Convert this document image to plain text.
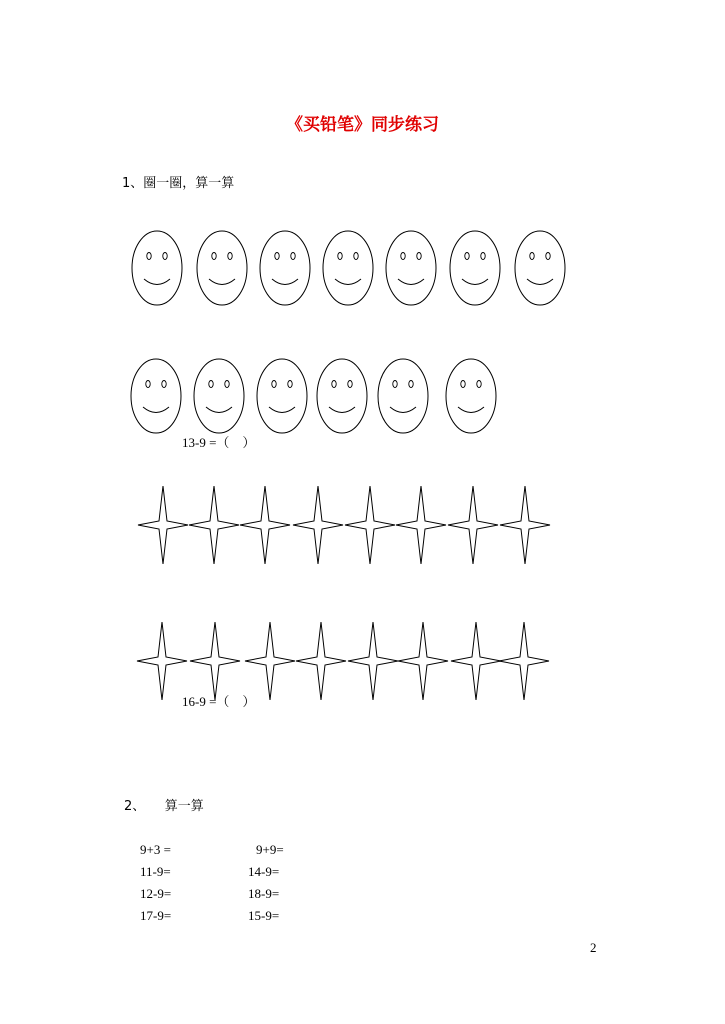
《买铅笔》同步练习
1、圈一圈，算一算
13-9 =（　）
16-9 =（　）
2、　　算一算
9+3 =
11-9=
12-9=
17-9=
9+9=
14-9=
18-9=
15-9=
2
